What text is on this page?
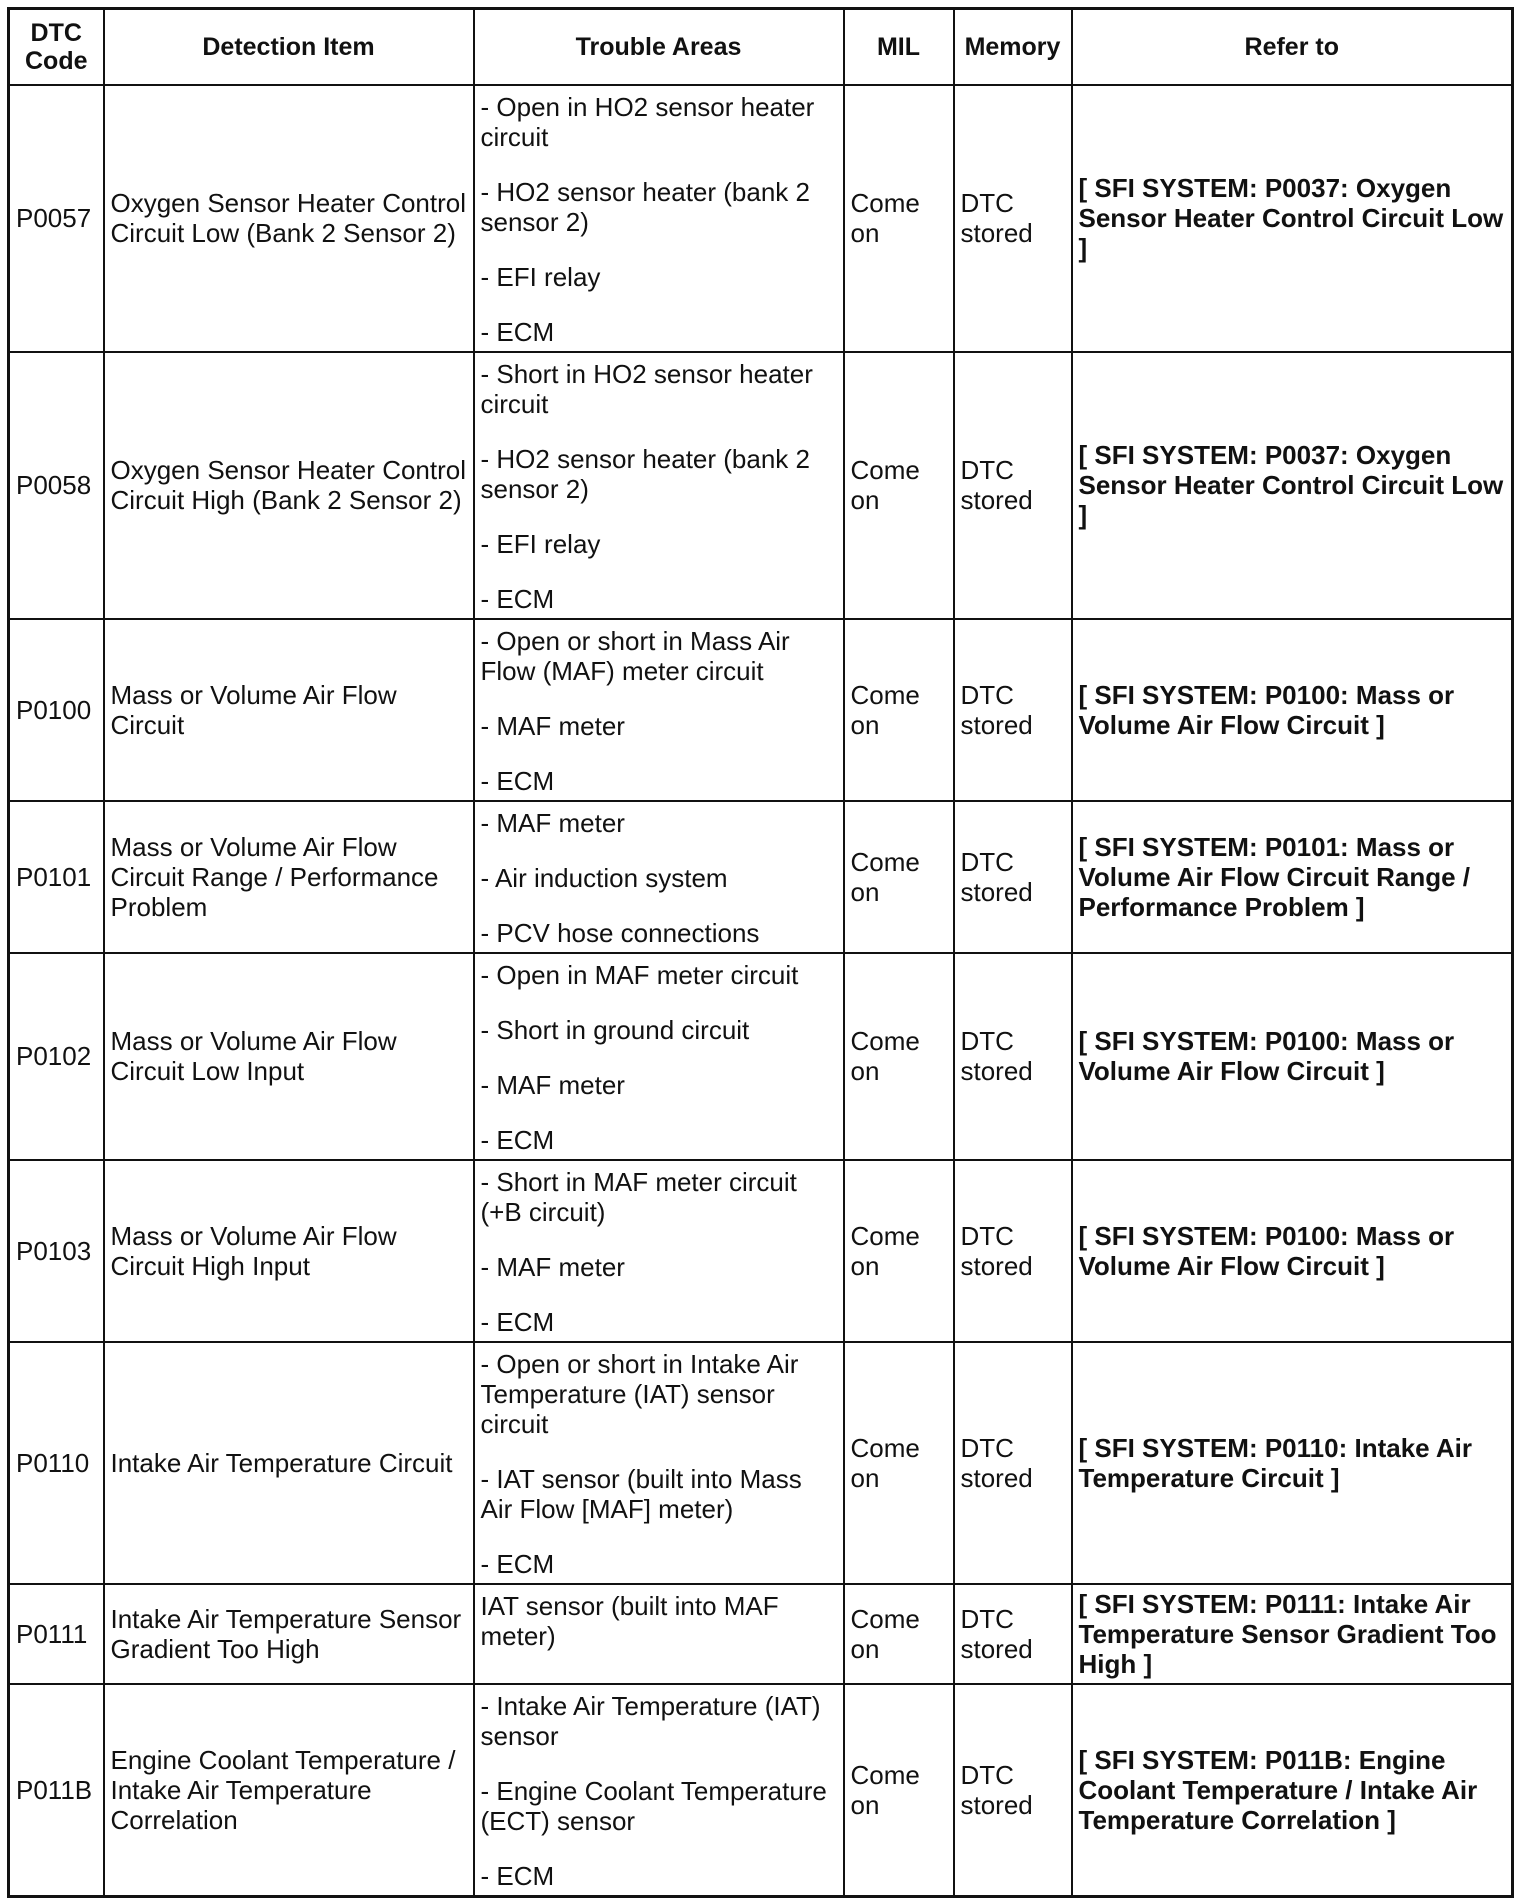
DTC Code	Detection Item	Trouble Areas	MIL	Memory	Refer to
P0057	Oxygen Sensor Heater Control Circuit Low (Bank 2 Sensor 2)	- Open in HO2 sensor heater circuit
- HO2 sensor heater (bank 2 sensor 2)
- EFI relay
- ECM	Come on	DTC stored	[ SFI SYSTEM: P0037: Oxygen Sensor Heater Control Circuit Low ]
P0058	Oxygen Sensor Heater Control Circuit High (Bank 2 Sensor 2)	- Short in HO2 sensor heater circuit
- HO2 sensor heater (bank 2 sensor 2)
- EFI relay
- ECM	Come on	DTC stored	[ SFI SYSTEM: P0037: Oxygen Sensor Heater Control Circuit Low ]
P0100	Mass or Volume Air Flow Circuit	- Open or short in Mass Air Flow (MAF) meter circuit
- MAF meter
- ECM	Come on	DTC stored	[ SFI SYSTEM: P0100: Mass or Volume Air Flow Circuit ]
P0101	Mass or Volume Air Flow Circuit Range / Performance Problem	- MAF meter
- Air induction system
- PCV hose connections	Come on	DTC stored	[ SFI SYSTEM: P0101: Mass or Volume Air Flow Circuit Range / Performance Problem ]
P0102	Mass or Volume Air Flow Circuit Low Input	- Open in MAF meter circuit
- Short in ground circuit
- MAF meter
- ECM	Come on	DTC stored	[ SFI SYSTEM: P0100: Mass or Volume Air Flow Circuit ]
P0103	Mass or Volume Air Flow Circuit High Input	- Short in MAF meter circuit (+B circuit)
- MAF meter
- ECM	Come on	DTC stored	[ SFI SYSTEM: P0100: Mass or Volume Air Flow Circuit ]
P0110	Intake Air Temperature Circuit	- Open or short in Intake Air Temperature (IAT) sensor circuit
- IAT sensor (built into Mass Air Flow [MAF] meter)
- ECM	Come on	DTC stored	[ SFI SYSTEM: P0110: Intake Air Temperature Circuit ]
P0111	Intake Air Temperature Sensor Gradient Too High	IAT sensor (built into MAF meter)	Come on	DTC stored	[ SFI SYSTEM: P0111: Intake Air Temperature Sensor Gradient Too High ]
P011B	Engine Coolant Temperature / Intake Air Temperature Correlation	- Intake Air Temperature (IAT) sensor
- Engine Coolant Temperature (ECT) sensor
- ECM	Come on	DTC stored	[ SFI SYSTEM: P011B: Engine Coolant Temperature / Intake Air Temperature Correlation ]
